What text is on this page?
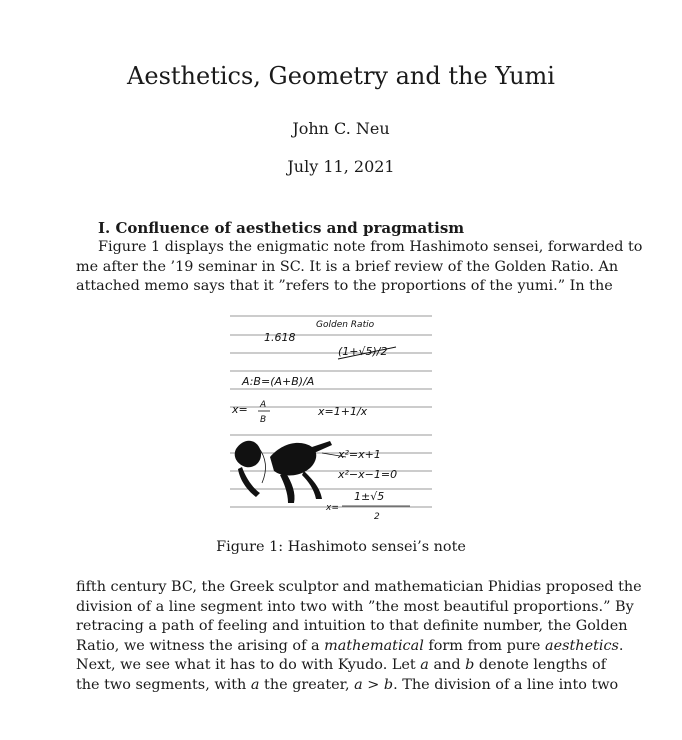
Aesthetics, Geometry and the Yumi
John C. Neu
July 11, 2021
I. Confluence of aesthetics and pragmatism
Figure 1 displays the enigmatic note from Hashimoto sensei, forwarded to
me after the ’19 seminar in SC. It is a brief review of the Golden Ratio. An
attached memo says that it ”refers to the proportions of the yumi.” In the
Golden Ratio
1.618
(1+√5)/2
A:B=(A+B)/A
x= A
B
x=1+1/x
x²=x+1
x²−x−1=0
1±√5
x=
2
Figure 1: Hashimoto sensei’s note
fifth century BC, the Greek sculptor and mathematician Phidias proposed the
division of a line segment into two with ”the most beautiful proportions.” By
retracing a path of feeling and intuition to that definite number, the Golden
Ratio, we witness the arising of a mathematical form from pure aesthetics.
Next, we see what it has to do with Kyudo. Let a and b denote lengths of
the two segments, with a the greater, a > b. The division of a line into two
